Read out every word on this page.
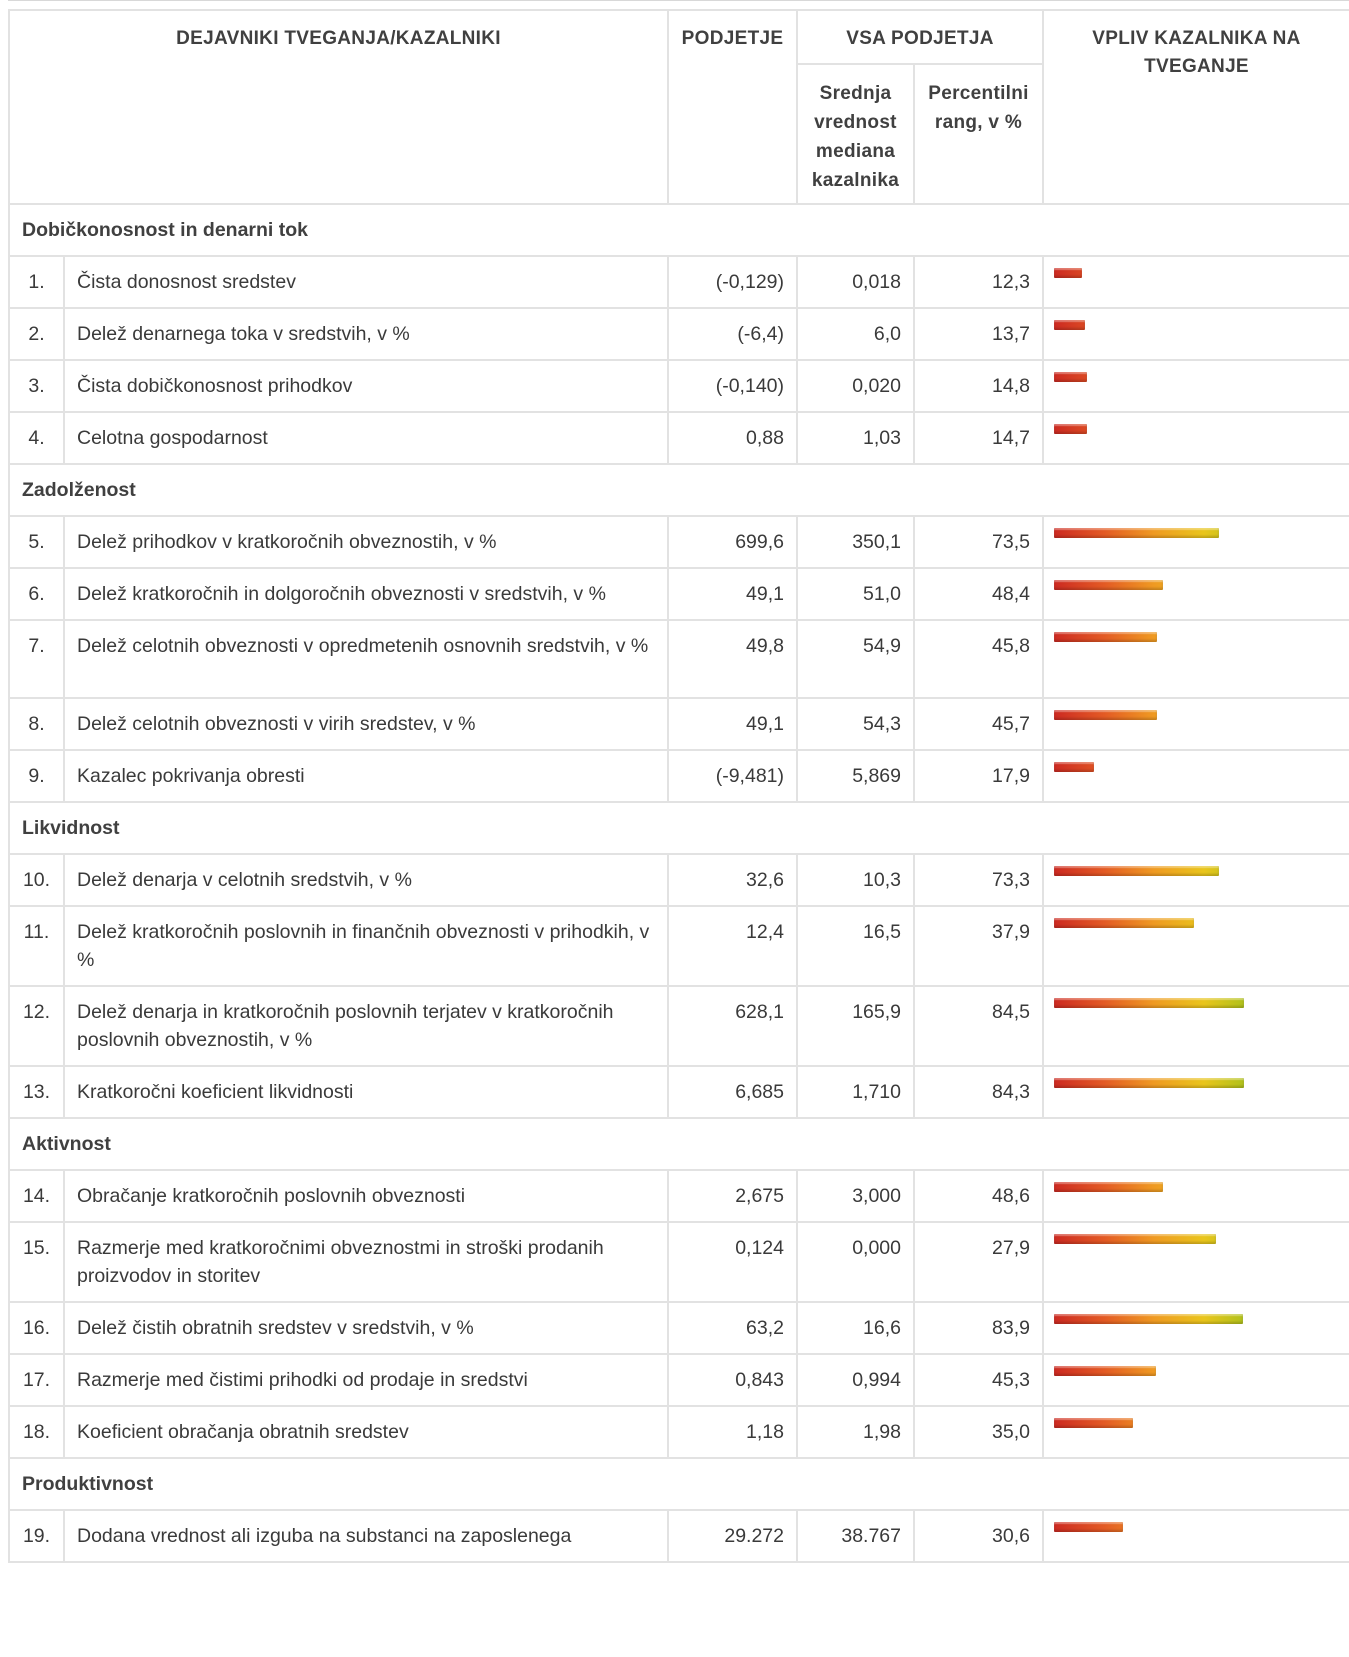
DEJAVNIKI TVEGANJA/KAZALNIKI		PODJETJE	VSA PODJETJA		VPLIV KAZALNIKA NA TVEGANJE
			Srednja vrednost mediana kazalnika	Percentilni rang, v %	
Dobičkonosnost in denarni tok					
1.	Čista donosnost sredstev	(-0,129)	0,018	12,3	

2.	Delež denarnega toka v sredstvih, v %	(-6,4)	6,0	13,7	

3.	Čista dobičkonosnost prihodkov	(-0,140)	0,020	14,8	

4.	Celotna gospodarnost	0,88	1,03	14,7	

Zadolženost					
5.	Delež prihodkov v kratkoročnih obveznostih, v %	699,6	350,1	73,5	

6.	Delež kratkoročnih in dolgoročnih obveznosti v sredstvih, v %	49,1	51,0	48,4	

7.	Delež celotnih obveznosti v opredmetenih osnovnih sredstvih, v %	49,8	54,9	45,8	

8.	Delež celotnih obveznosti v virih sredstev, v %	49,1	54,3	45,7	

9.	Kazalec pokrivanja obresti	(-9,481)	5,869	17,9	

Likvidnost					
10.	Delež denarja v celotnih sredstvih, v %	32,6	10,3	73,3	

11.	Delež kratkoročnih poslovnih in finančnih obveznosti v prihodkih, v %	12,4	16,5	37,9	

12.	Delež denarja in kratkoročnih poslovnih terjatev v kratkoročnih poslovnih obveznostih, v %	628,1	165,9	84,5	

13.	Kratkoročni koeficient likvidnosti	6,685	1,710	84,3	

Aktivnost					
14.	Obračanje kratkoročnih poslovnih obveznosti	2,675	3,000	48,6	

15.	Razmerje med kratkoročnimi obveznostmi in stroški prodanih proizvodov in storitev	0,124	0,000	27,9	

16.	Delež čistih obratnih sredstev v sredstvih, v %	63,2	16,6	83,9	

17.	Razmerje med čistimi prihodki od prodaje in sredstvi	0,843	0,994	45,3	

18.	Koeficient obračanja obratnih sredstev	1,18	1,98	35,0	

Produktivnost					
19.	Dodana vrednost ali izguba na substanci na zaposlenega	29.272	38.767	30,6	
